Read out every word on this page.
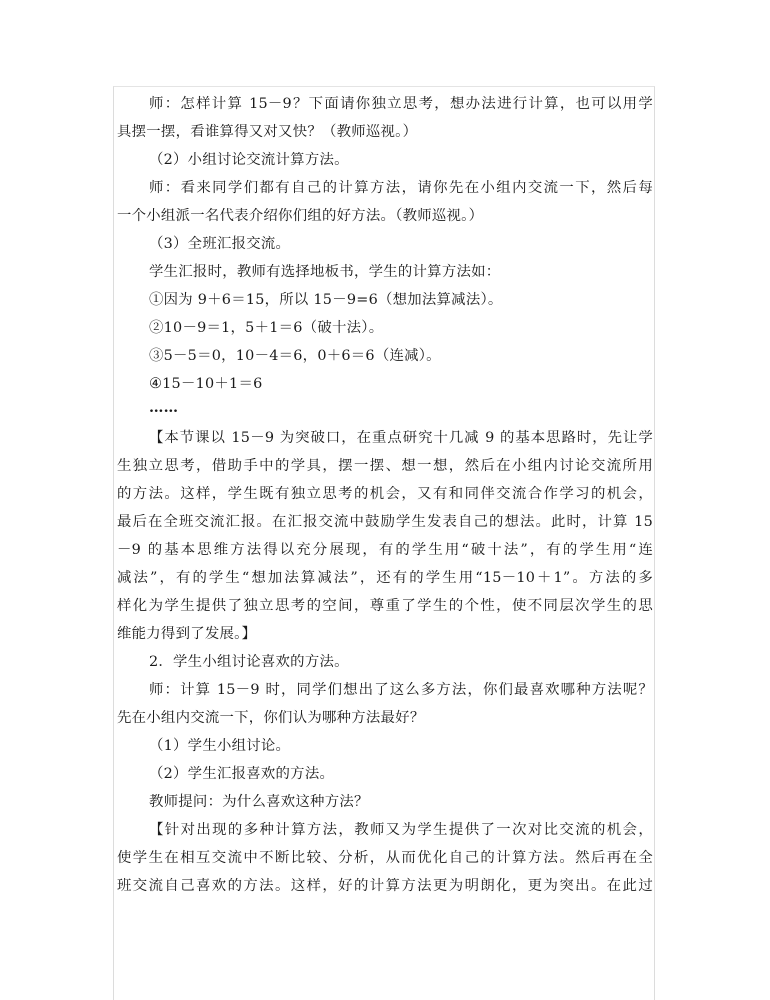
师：怎样计算 15－9？下面请你独立思考，想办法进行计算，也可以用学
具摆一摆，看谁算得又对又快？（教师巡视。）
（2）小组讨论交流计算方法。
师：看来同学们都有自己的计算方法，请你先在小组内交流一下，然后每
一个小组派一名代表介绍你们组的好方法。（教师巡视。）
（3）全班汇报交流。
学生汇报时，教师有选择地板书，学生的计算方法如：
①因为 9＋6＝15，所以 15－9=6（想加法算减法）。
②10－9＝1，5＋1＝6（破十法）。
③5－5＝0，10－4＝6，0＋6＝6（连减）。
④15－10＋1＝6
……
【本节课以 15－9 为突破口，在重点研究十几减 9 的基本思路时，先让学
生独立思考，借助手中的学具，摆一摆、想一想，然后在小组内讨论交流所用
的方法。这样，学生既有独立思考的机会，又有和同伴交流合作学习的机会，
最后在全班交流汇报。在汇报交流中鼓励学生发表自己的想法。此时，计算 15
－9 的基本思维方法得以充分展现，有的学生用“破十法”，有的学生用“连
减法”，有的学生“想加法算减法”，还有的学生用“15－10＋1”。方法的多
样化为学生提供了独立思考的空间，尊重了学生的个性，使不同层次学生的思
维能力得到了发展。】
2．学生小组讨论喜欢的方法。
师：计算 15－9 时，同学们想出了这么多方法，你们最喜欢哪种方法呢？
先在小组内交流一下，你们认为哪种方法最好？
（1）学生小组讨论。
（2）学生汇报喜欢的方法。
教师提问：为什么喜欢这种方法？
【针对出现的多种计算方法，教师又为学生提供了一次对比交流的机会，
使学生在相互交流中不断比较、分析，从而优化自己的计算方法。然后再在全
班交流自己喜欢的方法。这样，好的计算方法更为明朗化，更为突出。在此过
